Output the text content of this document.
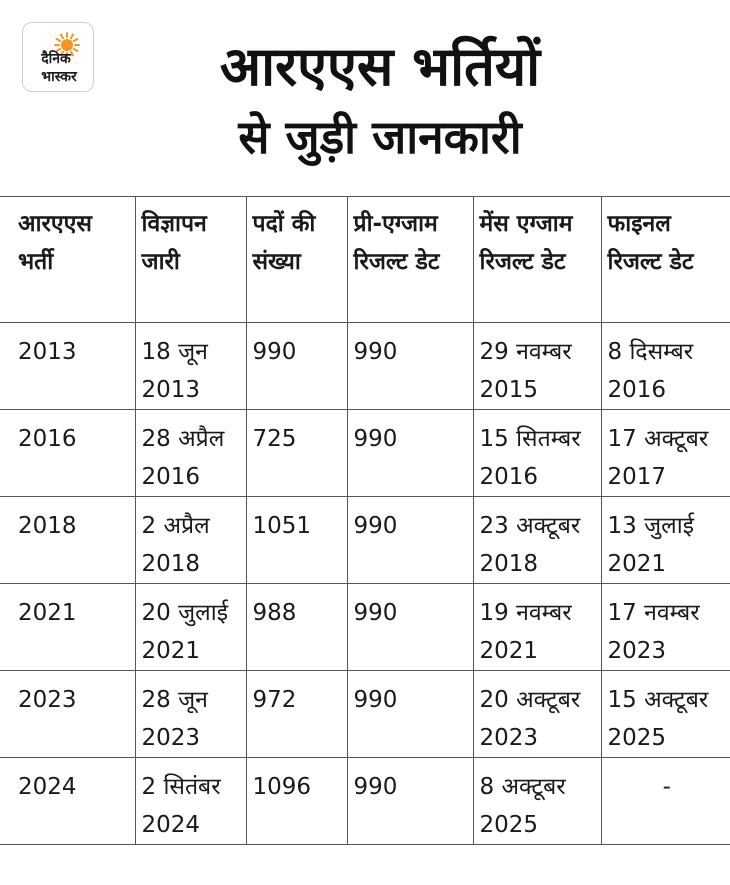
दैनिक
भास्कर	आरएएस भर्तियों
से जुड़ी जानकारी
आरएएस भर्ती	विज्ञापन जारी	पदों की संख्या	प्री-एग्जाम रिजल्ट डेट	मेंस एग्जाम रिजल्ट डेट	फाइनल रिजल्ट डेट
2013	18 जून 2013	990	990	29 नवम्बर 2015	8 दिसम्बर 2016
2016	28 अप्रैल 2016	725	990	15 सितम्बर 2016	17 अक्टूबर 2017
2018	2 अप्रैल 2018	1051	990	23 अक्टूबर 2018	13 जुलाई 2021
2021	20 जुलाई 2021	988	990	19 नवम्बर 2021	17 नवम्बर 2023
2023	28 जून 2023	972	990	20 अक्टूबर 2023	15 अक्टूबर 2025
2024	2 सितंबर 2024	1096	990	8 अक्टूबर 2025	-
